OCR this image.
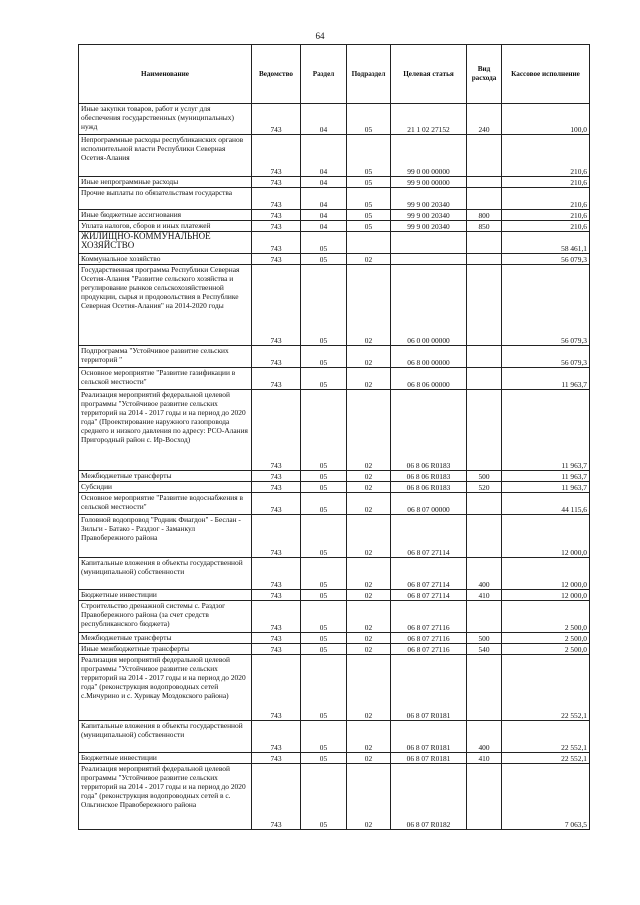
64
Наименование	Ведомство	Раздел	Подраздел	Целевая статья	Вид расхода	Кассовое исполнение
Иные закупки товаров, работ и услуг для обеспечения государственных (муниципальных) нужд	743	04	05	21 1 02 27152	240	100,0
Непрограммные расходы республиканских органов исполнительной власти Республики Северная Осетия-Алания	743	04	05	99 0 00 00000		210,6
Иные непрограммные расходы	743	04	05	99 9 00 00000		210,6
Прочие выплаты по обязательствам государства	743	04	05	99 9 00 20340		210,6
Иные бюджетные ассигнования	743	04	05	99 9 00 20340	800	210,6
Уплата налогов, сборов и иных платежей	743	04	05	99 9 00 20340	850	210,6
ЖИЛИЩНО-КОММУНАЛЬНОЕ ХОЗЯЙСТВО	743	05				58 461,1
Коммунальное хозяйство	743	05	02			56 079,3
Государственная программа Республики Северная Осетия-Алания "Развитие сельского хозяйства и регулирование рынков сельскохозяйственной продукции, сырья и продовольствия в Республике Северная Осетия-Алания" на 2014-2020 годы	743	05	02	06 0 00 00000		56 079,3
Подпрограмма "Устойчивое развитие сельских территорий "	743	05	02	06 8 00 00000		56 079,3
Основное мероприятие "Развитие газификации в сельской местности"	743	05	02	06 8 06 00000		11 963,7
Реализация мероприятий федеральной целевой программы "Устойчивое развитие сельских территорий на 2014 - 2017 годы и на период до 2020 года" (Проектирование наружного газопровода среднего и низкого давления по адресу: РСО-Алания Пригородный район с. Ир-Восход)	743	05	02	06 8 06 R0183		11 963,7
Межбюджетные трансферты	743	05	02	06 8 06 R0183	500	11 963,7
Субсидии	743	05	02	06 8 06 R0183	520	11 963,7
Основное мероприятие "Развитие водоснабжения в сельской местности"	743	05	02	06 8 07 00000		44 115,6
Головной водопровод "Родник Фиагдон" - Беслан - Зильги - Батако - Раздзог - Заманкул Правобережного района	743	05	02	06 8 07 27114		12 000,0
Капитальные вложения в объекты государственной (муниципальной) собственности	743	05	02	06 8 07 27114	400	12 000,0
Бюджетные инвестиции	743	05	02	06 8 07 27114	410	12 000,0
Строительство дренажной системы с. Раздзог Правобережного района (за счет средств республиканского бюджета)	743	05	02	06 8 07 27116		2 500,0
Межбюджетные трансферты	743	05	02	06 8 07 27116	500	2 500,0
Иные межбюджетные трансферты	743	05	02	06 8 07 27116	540	2 500,0
Реализация мероприятий федеральной целевой программы "Устойчивое развитие сельских территорий на 2014 - 2017 годы и на период до 2020 года" (реконструкция водопроводных сетей с.Мичурино и с. Хурикау Моздокского района)	743	05	02	06 8 07 R0181		22 552,1
Капитальные вложения в объекты государственной (муниципальной) собственности	743	05	02	06 8 07 R0181	400	22 552,1
Бюджетные инвестиции	743	05	02	06 8 07 R0181	410	22 552,1
Реализация мероприятий федеральной целевой программы "Устойчивое развитие сельских территорий на 2014 - 2017 годы и на период до 2020 года" (реконструкция водопроводных сетей в с. Ольгинское Правобережного района	743	05	02	06 8 07 R0182		7 063,5
